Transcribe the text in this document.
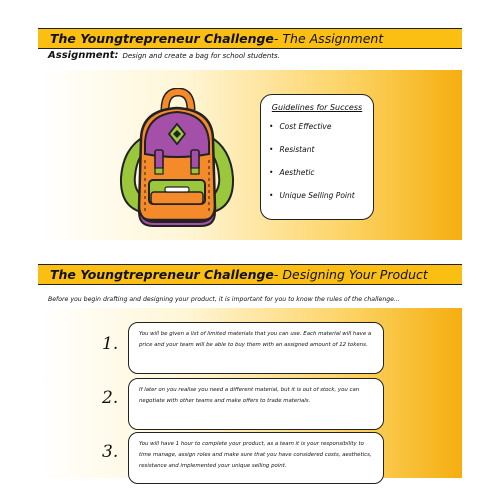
The Youngtrepreneur Challenge - The Assignment
Assignment: Design and create a bag for school students.
Guidelines for Success
• Cost Effective
• Resistant
• Aesthetic
• Unique Selling Point
The Youngtrepreneur Challenge - Designing Your Product
Before you begin drafting and designing your product, it is important for you to know the rules of the challenge...
1.	You will be given a list of limited materials that you can use. Each material will have a price and your team will be able to buy them with an assigned amount of 12 tokens.
2.	If later on you realise you need a different material, but it is out of stock, you can negotiate with other teams and make offers to trade materials.
3.	You will have 1 hour to complete your product, as a team it is your responsibility to time manage, assign roles and make sure that you have considered costs, aesthetics, resistance and implemented your unique selling point.
